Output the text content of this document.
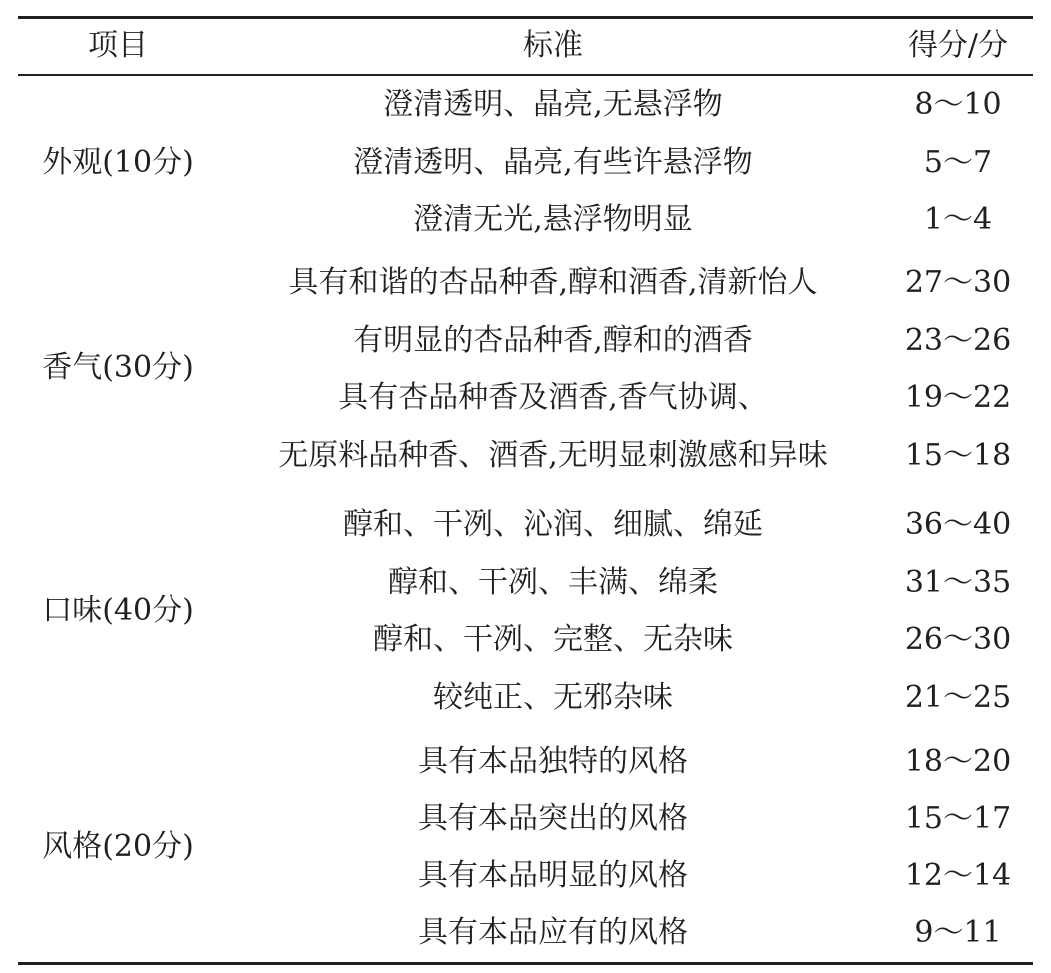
项目	标准	得分/分
外观(10分)
澄清透明、晶亮,无悬浮物	8～10
澄清透明、晶亮,有些许悬浮物	5～7
澄清无光,悬浮物明显	1～4
香气(30分)
具有和谐的杏品种香,醇和酒香,清新怡人	27～30
有明显的杏品种香,醇和的酒香	23～26
具有杏品种香及酒香,香气协调、	19～22
无原料品种香、酒香,无明显刺激感和异味	15～18
口味(40分)
醇和、干冽、沁润、细腻、绵延	36～40
醇和、干冽、丰满、绵柔	31～35
醇和、干冽、完整、无杂味	26～30
较纯正、无邪杂味	21～25
风格(20分)
具有本品独特的风格	18～20
具有本品突出的风格	15～17
具有本品明显的风格	12～14
具有本品应有的风格	9～11
